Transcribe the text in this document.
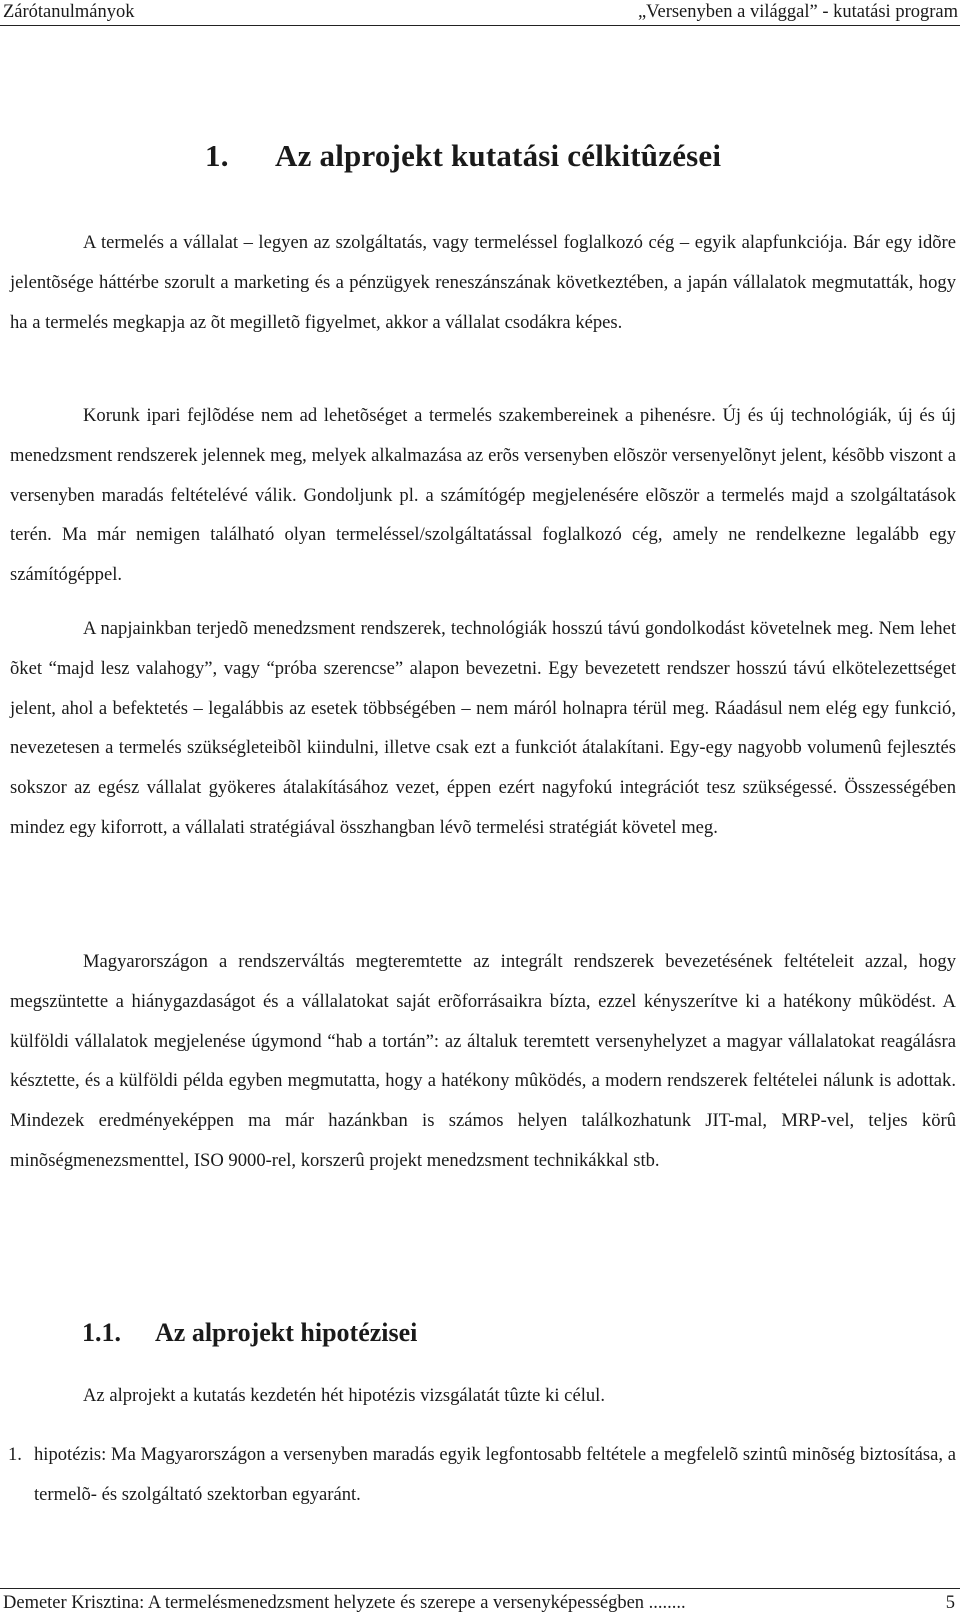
Zárótanulmányok	„Versenyben a világgal” - kutatási program
1. Az alprojekt kutatási célkitûzései

A termelés a vállalat – legyen az szolgáltatás, vagy termeléssel foglalkozó cég – egyik alapfunkciója. Bár egy idõre jelentõsége háttérbe szorult a marketing és a pénzügyek reneszánszának következtében, a japán vállalatok megmutatták, hogy ha a termelés megkapja az õt megilletõ figyelmet, akkor a vállalat csodákra képes.

Korunk ipari fejlõdése nem ad lehetõséget a termelés szakembereinek a pihenésre. Új és új technológiák, új és új menedzsment rendszerek jelennek meg, melyek alkalmazása az erõs versenyben elõször versenyelõnyt jelent, késõbb viszont a versenyben maradás feltételévé válik. Gondoljunk pl. a számítógép megjelenésére elõször a termelés majd a szolgáltatások terén. Ma már nemigen található olyan termeléssel/szolgáltatással foglalkozó cég, amely ne rendelkezne legalább egy számítógéppel.

A napjainkban terjedõ menedzsment rendszerek, technológiák hosszú távú gondolkodást követelnek meg. Nem lehet õket “majd lesz valahogy”, vagy “próba szerencse” alapon bevezetni. Egy bevezetett rendszer hosszú távú elkötelezettséget jelent, ahol a befektetés – legalábbis az esetek többségében – nem máról holnapra térül meg. Ráadásul nem elég egy funkció, nevezetesen a termelés szükségleteibõl kiindulni, illetve csak ezt a funkciót átalakítani. Egy-egy nagyobb volumenû fejlesztés sokszor az egész vállalat gyökeres átalakításához vezet, éppen ezért nagyfokú integrációt tesz szükségessé. Összességében mindez egy kiforrott, a vállalati stratégiával összhangban lévõ termelési stratégiát követel meg.

Magyarországon a rendszerváltás megteremtette az integrált rendszerek bevezetésének feltételeit azzal, hogy megszüntette a hiánygazdaságot és a vállalatokat saját erõforrásaikra bízta, ezzel kényszerítve ki a hatékony mûködést. A külföldi vállalatok megjelenése úgymond “hab a tortán”: az általuk teremtett versenyhelyzet a magyar vállalatokat reagálásra késztette, és a külföldi példa egyben megmutatta, hogy a hatékony mûködés, a modern rendszerek feltételei nálunk is adottak. Mindezek eredményeképpen ma már hazánkban is számos helyen találkozhatunk JIT-mal, MRP-vel, teljes körû minõségmenezsmenttel, ISO 9000-rel, korszerû projekt menedzsment technikákkal stb.

1.1. Az alprojekt hipotézisei

Az alprojekt a kutatás kezdetén hét hipotézis vizsgálatát tûzte ki célul.

1. hipotézis: Ma Magyarországon a versenyben maradás egyik legfontosabb feltétele a megfelelõ szintû minõség biztosítása, a termelõ- és szolgáltató szektorban egyaránt.
Demeter Krisztina: A termelésmenedzsment helyzete és szerepe a versenyképességben ........	5
